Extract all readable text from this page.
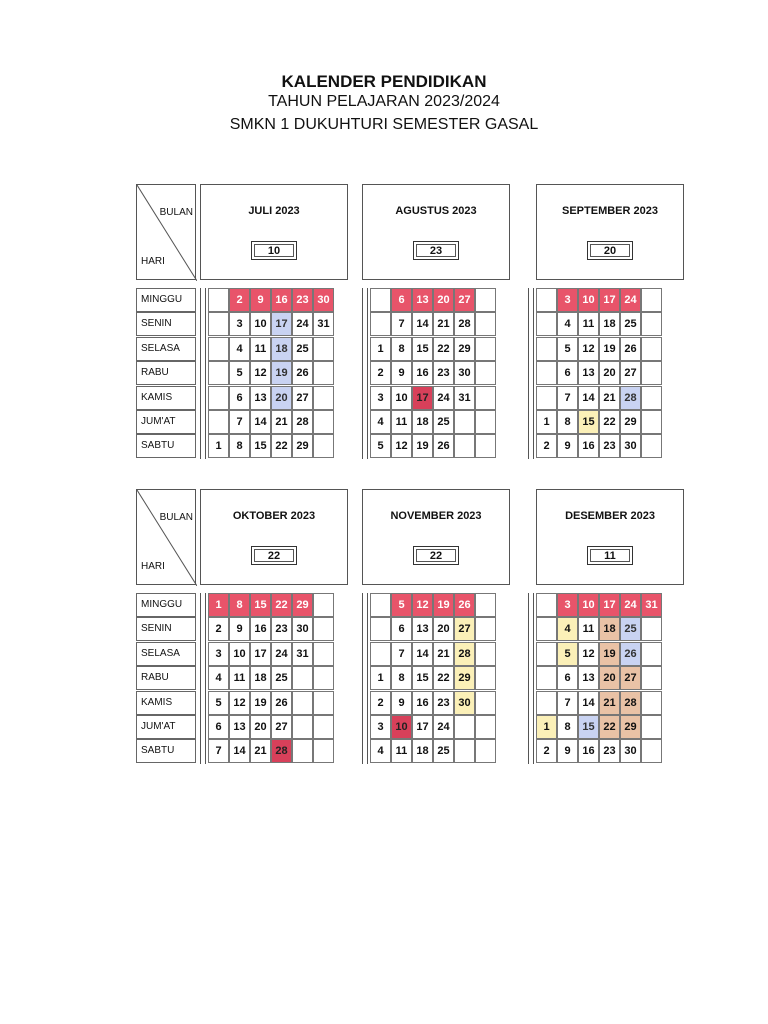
KALENDER PENDIDIKAN
TAHUN PELAJARAN 2023/2024
SMKN 1 DUKUHTURI SEMESTER GASAL
BULAN
HARI
JULI 2023
10
AGUSTUS 2023
23
SEPTEMBER 2023
20
MINGGU
SENIN
SELASA
RABU
KAMIS
JUM'AT
SABTU	1
2
3
4
5
6
7
8
9
10
11
12
13
14
15
16
17
18
19
20
21
22
23
24
25
26
27
28
29
30
31
1
2
3
4
5
6
7
8
9
10
11
12
13
14
15
16
17
18
19
20
21
22
23
24
25
26
27
28
29
30
31
1
2
3
4
5
6
7
8
9
10
11
12
13
14
15
16
17
18
19
20
21
22
23
24
25
26
27
28
29
30
BULAN
HARI
OKTOBER 2023
22
NOVEMBER 2023
22
DESEMBER 2023
11
MINGGU
SENIN
SELASA
RABU
KAMIS
JUM'AT
SABTU
1
2
3
4
5
6
7
8
9
10
11
12
13
14
15
16
17
18
19
20
21
22
23
24
25
26
27
28
29
30
31
1
2
3
4
5
6
7
8
9
10
11
12
13
14
15
16
17
18
19
20
21
22
23
24
25
26
27
28
29
30
1
2
3
4
5
6
7
8
9
10
11
12
13
14
15
16
17
18
19
20
21
22
23
24
25
26
27
28
29
30
31
